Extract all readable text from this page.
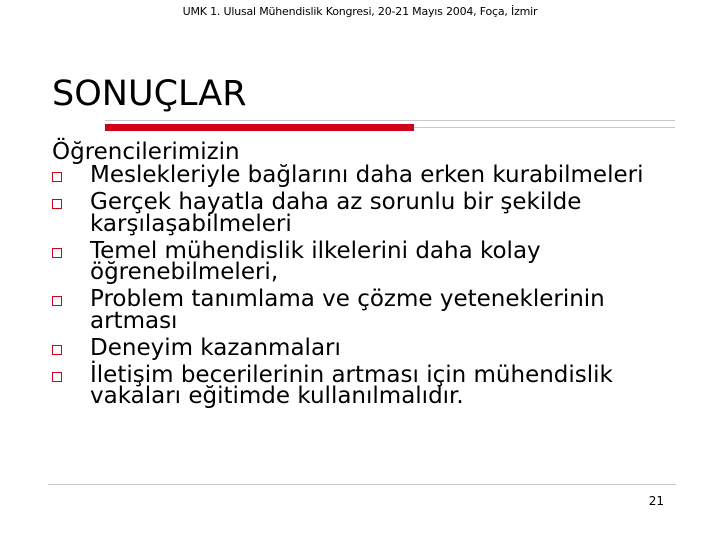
UMK 1. Ulusal Mühendislik Kongresi, 20-21 Mayıs 2004, Foça, İzmir
SONUÇLAR
Öğrencilerimizin
Meslekleriyle bağlarını daha erken kurabilmeleri
Gerçek hayatla daha az sorunlu bir şekilde karşılaşabilmeleri
Temel mühendislik ilkelerini daha kolay öğrenebilmeleri,
Problem tanımlama ve çözme yeteneklerinin artması
Deneyim kazanmaları
İletişim becerilerinin artması için mühendislik vakaları eğitimde kullanılmalıdır.
21
